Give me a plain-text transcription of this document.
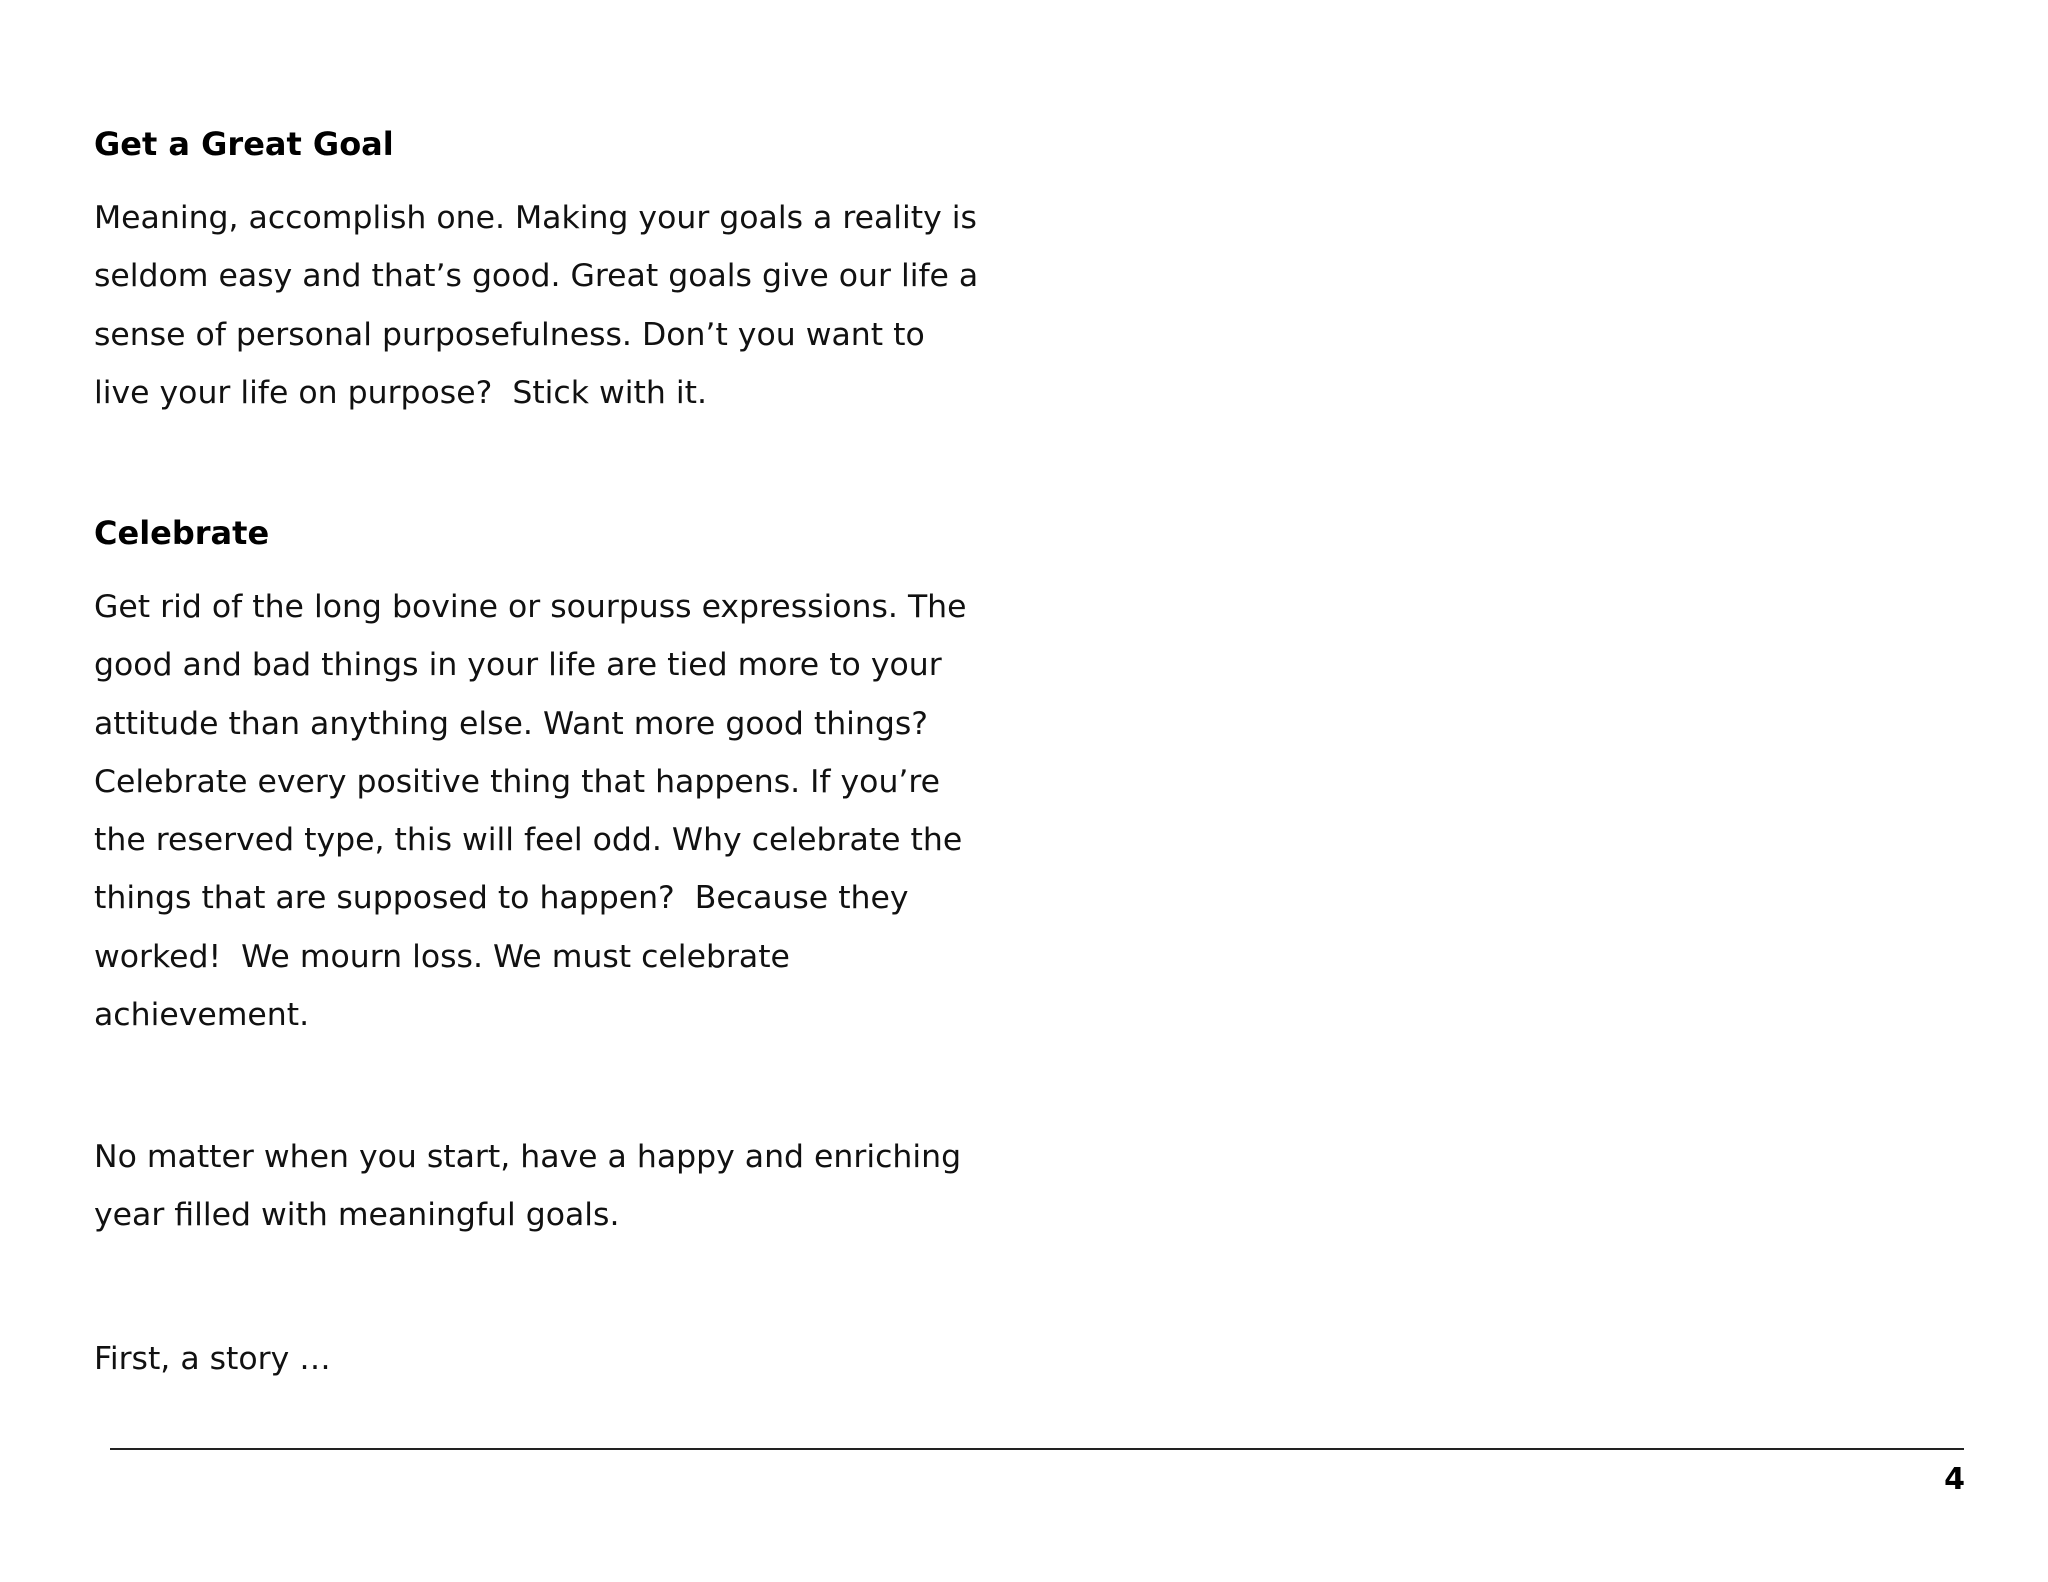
Get a Great Goal

Meaning, accomplish one. Making your goals a reality is
seldom easy and that’s good. Great goals give our life a
sense of personal purposefulness. Don’t you want to
live your life on purpose?  Stick with it.

Celebrate

Get rid of the long bovine or sourpuss expressions. The
good and bad things in your life are tied more to your
attitude than anything else. Want more good things?
Celebrate every positive thing that happens. If you’re
the reserved type, this will feel odd. Why celebrate the
things that are supposed to happen?  Because they
worked!  We mourn loss. We must celebrate
achievement.

No matter when you start, have a happy and enriching
year filled with meaningful goals.

First, a story …

4
